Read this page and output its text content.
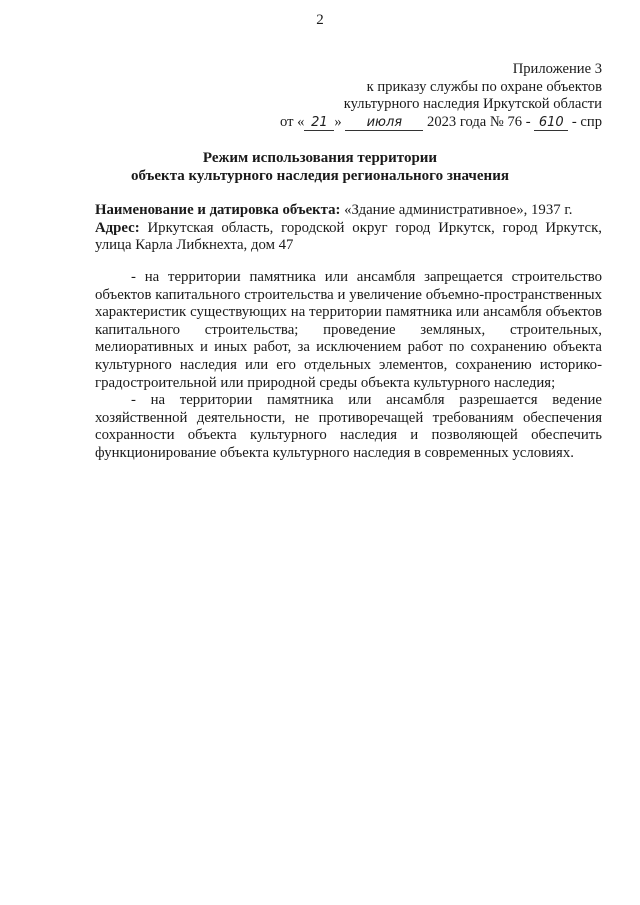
2
Приложение 3
к приказу службы по охране объектов
культурного наследия Иркутской области
от « 21 » июля 2023 года № 76 - 610 - спр
Режим использования территории
объекта культурного наследия регионального значения

Наименование и датировка объекта: «Здание административное», 1937 г.

Адрес: Иркутская область, городской округ город Иркутск, город Иркутск, улица Карла Либкнехта, дом 47

- на территории памятника или ансамбля запрещается строительство объектов капитального строительства и увеличение объемно-пространственных характеристик существующих на территории памятника или ансамбля объектов капитального строительства; проведение земляных, строительных, мелиоративных и иных работ, за исключением работ по сохранению объекта культурного наследия или его отдельных элементов, сохранению историко-градостроительной или природной среды объекта культурного наследия;

- на территории памятника или ансамбля разрешается ведение хозяйственной деятельности, не противоречащей требованиям обеспечения сохранности объекта культурного наследия и позволяющей обеспечить функционирование объекта культурного наследия в современных условиях.
